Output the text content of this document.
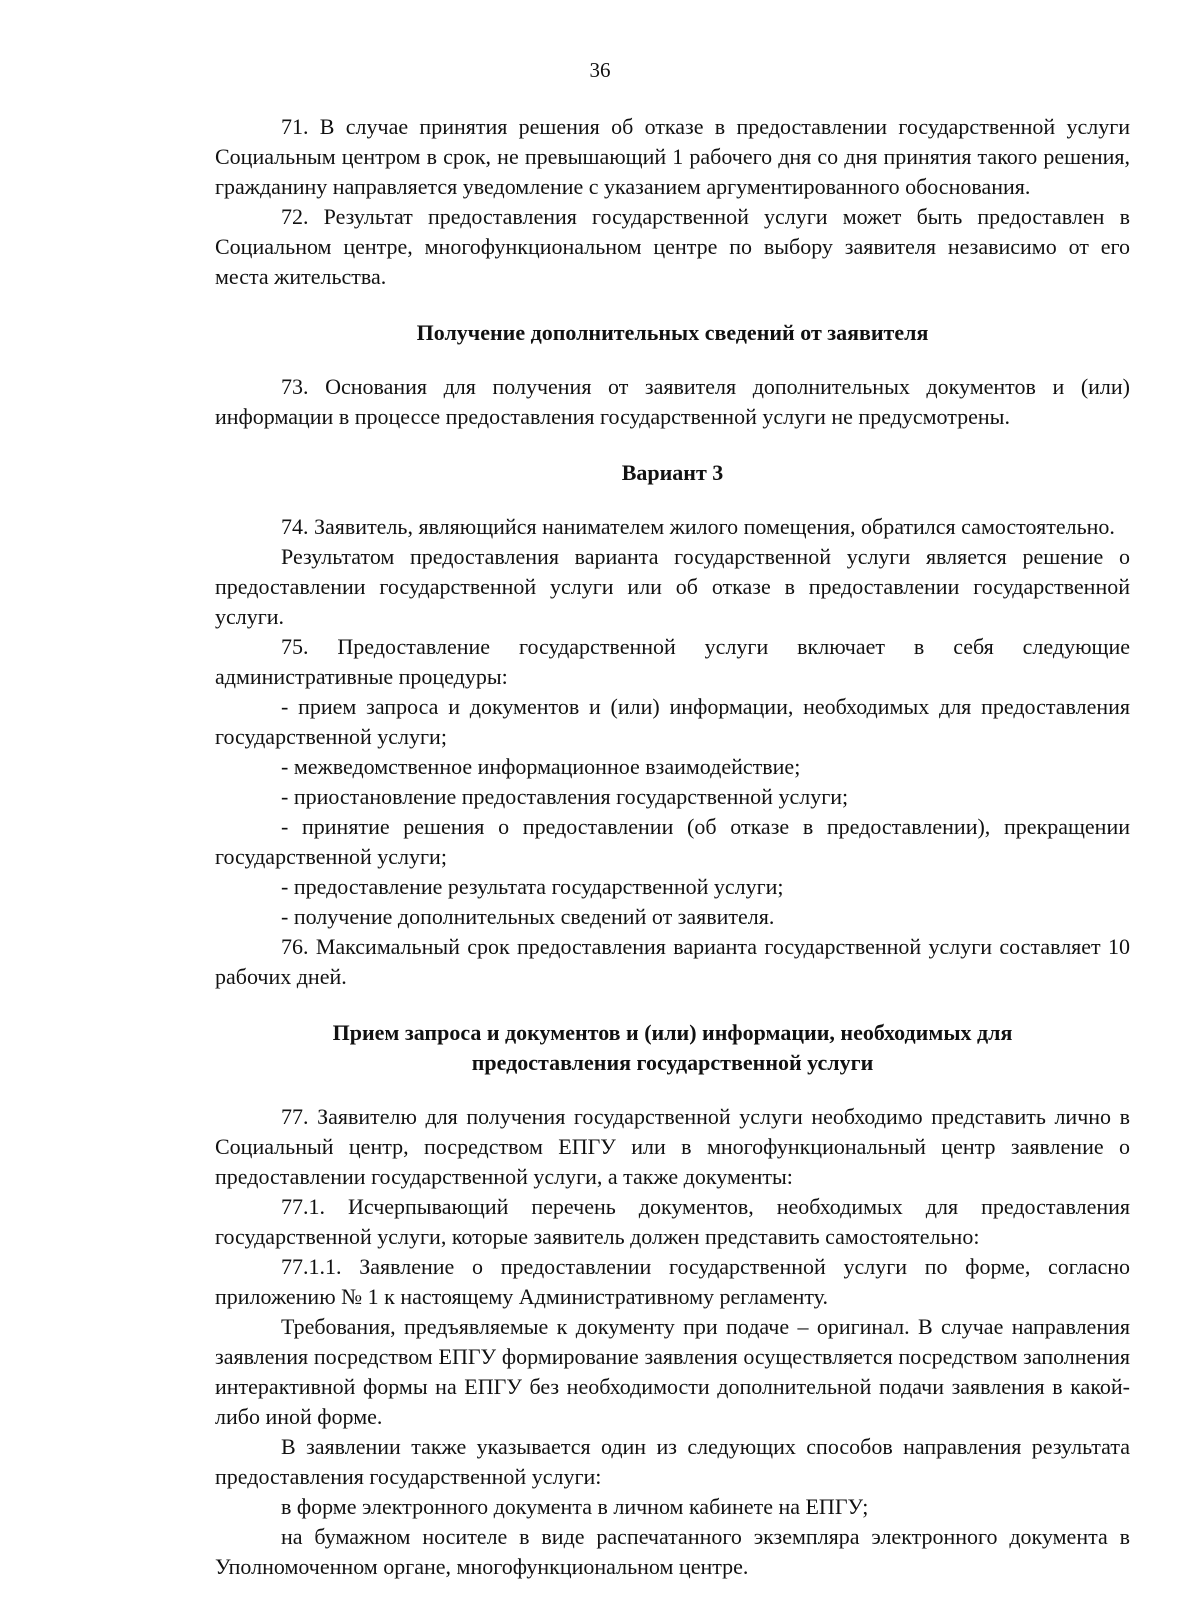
36

71. В случае принятия решения об отказе в предоставлении государственной услуги Социальным центром в срок, не превышающий 1 рабочего дня со дня принятия такого решения, гражданину направляется уведомление с указанием аргументированного обоснования.

72. Результат предоставления государственной услуги может быть предоставлен в Социальном центре, многофункциональном центре по выбору заявителя независимо от его места жительства.

Получение дополнительных сведений от заявителя

73. Основания для получения от заявителя дополнительных документов и (или) информации в процессе предоставления государственной услуги не предусмотрены.

Вариант 3

74. Заявитель, являющийся нанимателем жилого помещения, обратился самостоятельно.

Результатом предоставления варианта государственной услуги является решение о предоставлении государственной услуги или об отказе в предоставлении государственной услуги.

75. Предоставление государственной услуги включает в себя следующие административные процедуры:

- прием запроса и документов и (или) информации, необходимых для предоставления государственной услуги;

- межведомственное информационное взаимодействие;

- приостановление предоставления государственной услуги;

- принятие решения о предоставлении (об отказе в предоставлении), прекращении государственной услуги;

- предоставление результата государственной услуги;

- получение дополнительных сведений от заявителя.

76. Максимальный срок предоставления варианта государственной услуги составляет 10 рабочих дней.

Прием запроса и документов и (или) информации, необходимых для предоставления государственной услуги

77. Заявителю для получения государственной услуги необходимо представить лично в Социальный центр, посредством ЕПГУ или в многофункциональный центр заявление о предоставлении государственной услуги, а также документы:

77.1. Исчерпывающий перечень документов, необходимых для предоставления государственной услуги, которые заявитель должен представить самостоятельно:

77.1.1. Заявление о предоставлении государственной услуги по форме, согласно приложению № 1 к настоящему Административному регламенту.

Требования, предъявляемые к документу при подаче – оригинал. В случае направления заявления посредством ЕПГУ формирование заявления осуществляется посредством заполнения интерактивной формы на ЕПГУ без необходимости дополнительной подачи заявления в какой-либо иной форме.

В заявлении также указывается один из следующих способов направления результата предоставления государственной услуги:

в форме электронного документа в личном кабинете на ЕПГУ;

на бумажном носителе в виде распечатанного экземпляра электронного документа в Уполномоченном органе, многофункциональном центре.
